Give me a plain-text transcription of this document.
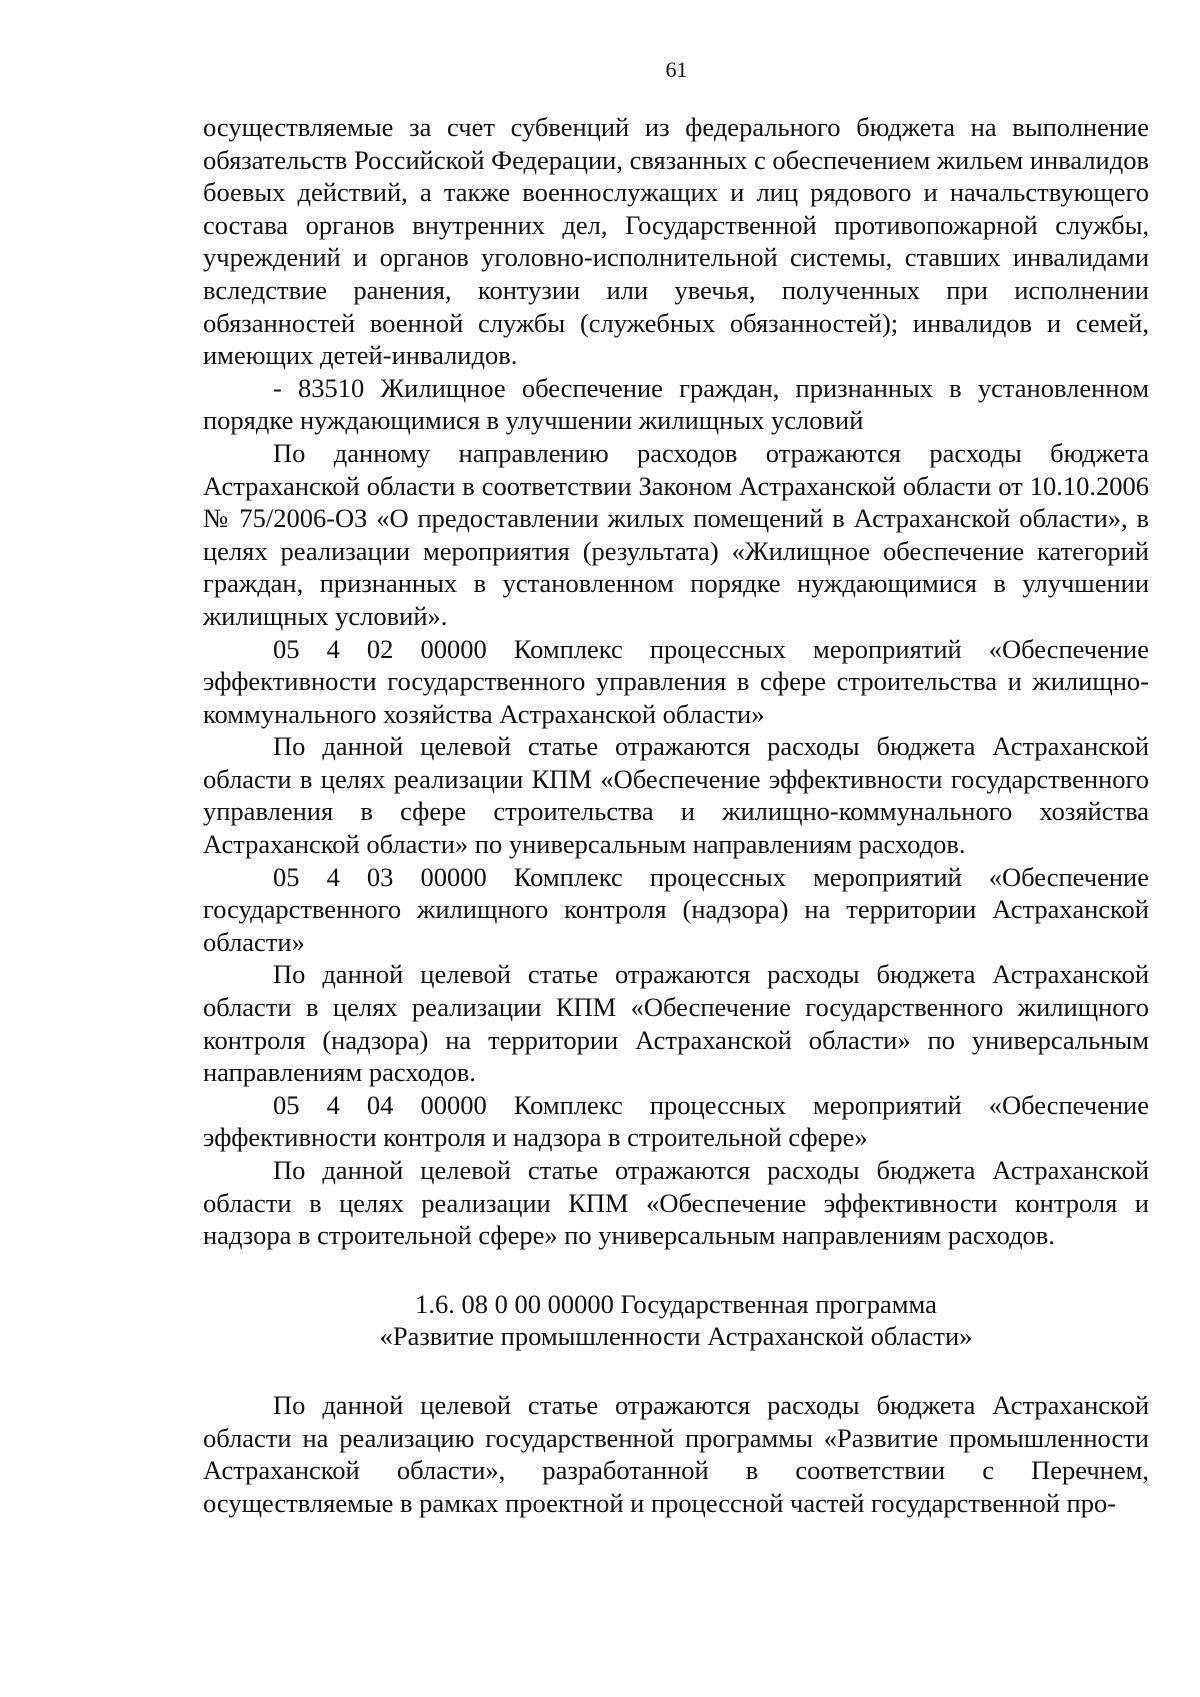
61

осуществляемые за счет субвенций из федерального бюджета на выполнение обязательств Российской Федерации, связанных с обеспечением жильем инвалидов боевых действий, а также военнослужащих и лиц рядового и начальствующего состава органов внутренних дел, Государственной противопожарной службы, учреждений и органов уголовно-исполнительной системы, ставших инвалидами вследствие ранения, контузии или увечья, полученных при исполнении обязанностей военной службы (служебных обязанностей); инвалидов и семей, имеющих детей-инвалидов.

- 83510 Жилищное обеспечение граждан, признанных в установленном порядке нуждающимися в улучшении жилищных условий

По данному направлению расходов отражаются расходы бюджета Астраханской области в соответствии Законом Астраханской области от 10.10.2006 № 75/2006-ОЗ «О предоставлении жилых помещений в Астраханской области», в целях реализации мероприятия (результата) «Жилищное обеспечение категорий граждан, признанных в установленном порядке нуждающимися в улучшении жилищных условий».

05 4 02 00000 Комплекс процессных мероприятий «Обеспечение эффективности государственного управления в сфере строительства и жилищно-коммунального хозяйства Астраханской области»

По данной целевой статье отражаются расходы бюджета Астраханской области в целях реализации КПМ «Обеспечение эффективности государственного управления в сфере строительства и жилищно-коммунального хозяйства Астраханской области» по универсальным направлениям расходов.

05 4 03 00000 Комплекс процессных мероприятий «Обеспечение государственного жилищного контроля (надзора) на территории Астраханской области»

По данной целевой статье отражаются расходы бюджета Астраханской области в целях реализации КПМ «Обеспечение государственного жилищного контроля (надзора) на территории Астраханской области» по универсальным направлениям расходов.

05 4 04 00000 Комплекс процессных мероприятий «Обеспечение эффективности контроля и надзора в строительной сфере»

По данной целевой статье отражаются расходы бюджета Астраханской области в целях реализации КПМ «Обеспечение эффективности контроля и надзора в строительной сфере» по универсальным направлениям расходов.

1.6. 08 0 00 00000 Государственная программа
«Развитие промышленности Астраханской области»

По данной целевой статье отражаются расходы бюджета Астраханской области на реализацию государственной программы «Развитие промышленности Астраханской области», разработанной в соответствии с Перечнем, осуществляемые в рамках проектной и процессной частей государственной про-
